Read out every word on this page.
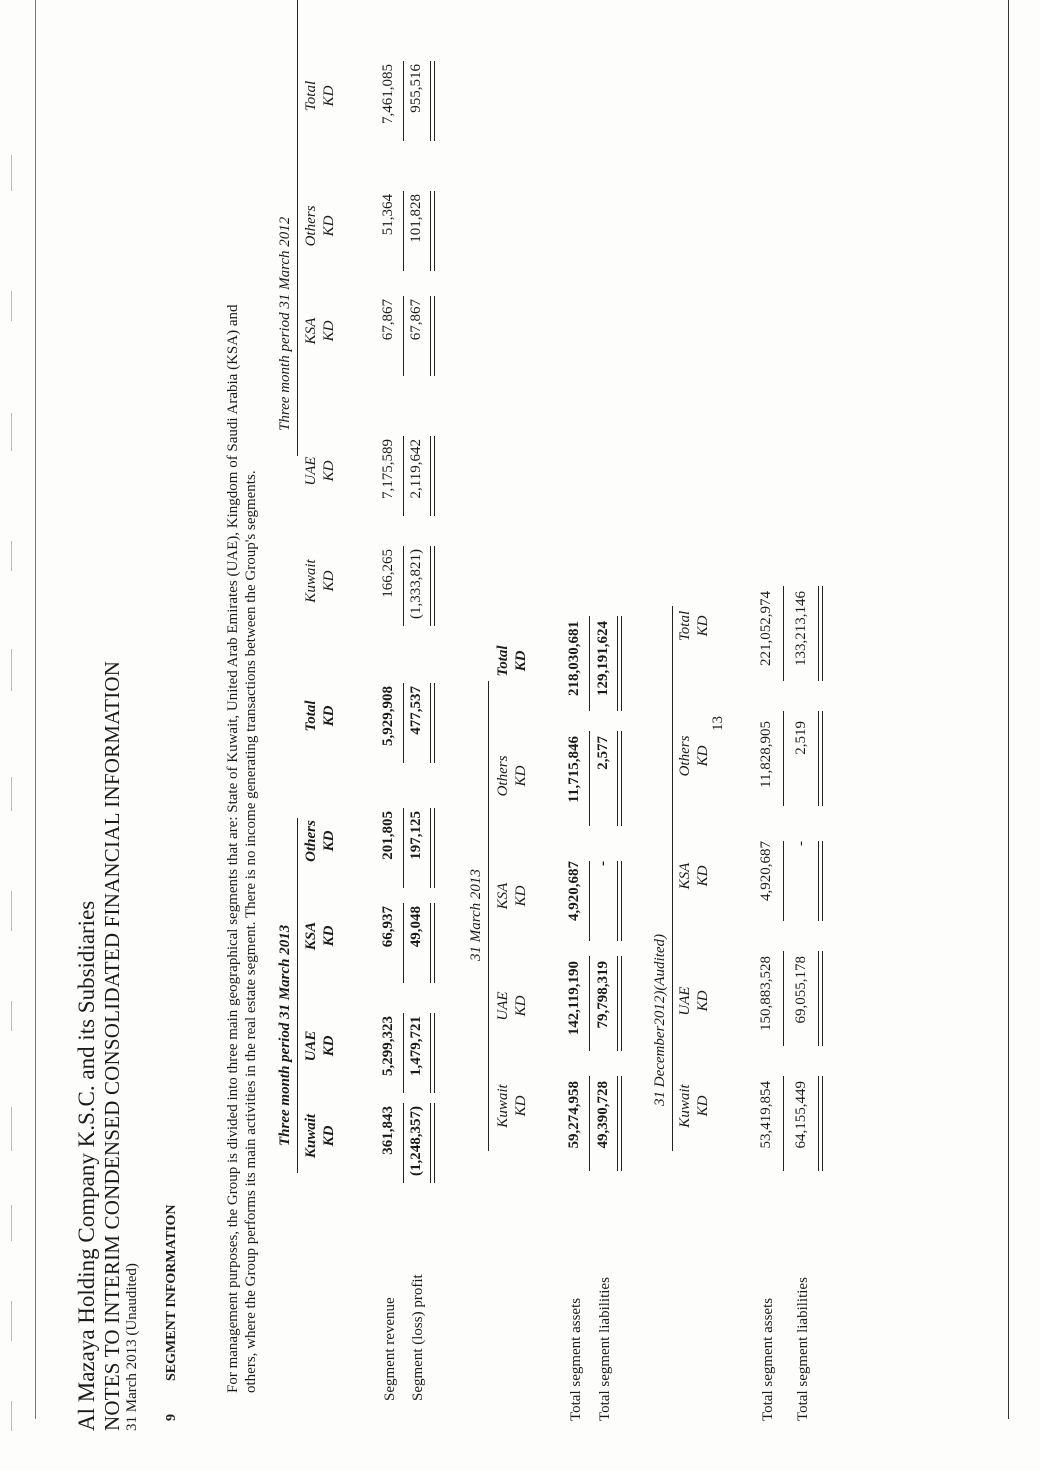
Al Mazaya Holding Company K.S.C. and its Subsidiaries NOTES TO INTERIM CONDENSED CONSOLIDATED FINANCIAL INFORMATION 31 March 2013 (Unaudited) 9
SEGMENT INFORMATION	For management purposes, the Group is divided into three main geographical segments that are: State of Kuwait, United Arab Emirates (UAE), Kingdom of Saudi Arabia (KSA) and others, where the Group performs its main activities in the real estate segment. There is no income generating transactions between the Group's segments. Three month period 31 March 2013
Three month period 31 March 2012
Kuwait KD
UAE KD
KSA KD
Others KD
Total KD
Kuwait KD
UAE KD
KSA KD
Others KD
Total KD
Segment revenue Segment (loss) profit
361,843
5,299,323
66,937
201,805
5,929,908
166,265
7,175,589
67,867
51,364
7,461,085
(1,248,357)
1,479,721
49,048
197,125
477,537
(1,333,821)
2,119,642
67,867
101,828
955,516
31 March 2013
Kuwait KD
UAE KD
KSA KD
Others KD
Total KD
Total segment assets Total segment liabilities
59,274,958
142,119,190
4,920,687
11,715,846
218,030,681
49,390,728
79,798,319
-
2,577
129,191,624
31 December2012)(Audited)
Kuwait KD
UAE KD
KSA KD
Others KD
Total KD
Total segment assets Total segment liabilities
53,419,854
150,883,528
4,920,687
11,828,905
221,052,974
64,155,449
69,055,178
-
2,519
133,213,146
13
